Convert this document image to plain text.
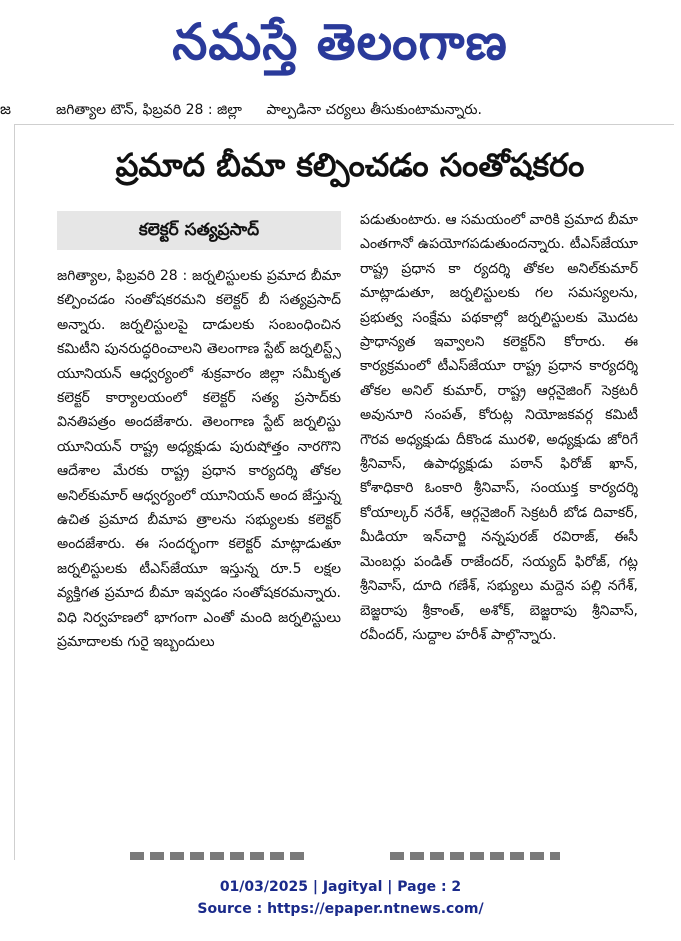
నమస్తే తెలంగాణ
జ	జగిత్యాల టౌన్, ఫిబ్రవరి 28 : జిల్లా పాల్పడినా చర్యలు తీసుకుంటామన్నారు.
ప్రమాద బీమా కల్పించడం సంతోషకరం
కలెక్టర్ సత్యప్రసాద్

జగిత్యాల, ఫిబ్రవరి 28 : జర్నలిస్టులకు ప్రమాద బీమా కల్పించడం సంతోషకరమని కలెక్టర్ బీ సత్యప్రసాద్ అన్నారు. జర్నలిస్టులపై దాడులకు సంబంధించిన కమిటీని పునరుద్ధరించాలని తెలంగాణ స్టేట్ జర్నలిస్ట్స్ యూనియన్ ఆధ్వర్యంలో శుక్రవారం జిల్లా సమీకృత కలెక్టర్ కార్యాలయంలో కలెక్టర్ సత్య ప్రసాద్‌కు వినతిపత్రం అందజేశారు. తెలంగాణ స్టేట్ జర్నలిస్టు యూనియన్ రాష్ట్ర అధ్యక్షుడు పురుషోత్తం నారగొని ఆదేశాల మేరకు రాష్ట్ర ప్రధాన కార్యదర్శి తోకల అనిల్‌కుమార్ ఆధ్వర్యంలో యూనియన్ అంద జేస్తున్న ఉచిత ప్రమాద బీమాప త్రాలను సభ్యులకు కలెక్టర్ అందజేశారు. ఈ సందర్భంగా కలెక్టర్ మాట్లాడుతూ జర్నలిస్టులకు టీఎస్‌జేయూ ఇస్తున్న రూ.5 లక్షల వ్యక్తిగత ప్రమాద బీమా ఇవ్వడం సంతోషకరమన్నారు. విధి నిర్వహణలో భాగంగా ఎంతో మంది జర్నలిస్టులు ప్రమాదాలకు గురై ఇబ్బందులు

పడుతుంటారు. ఆ సమయంలో వారికి ప్రమాద బీమా ఎంతగానో ఉపయోగపడుతుందన్నారు. టీఎస్‌జేయూ రాష్ట్ర ప్రధాన కా ర్యదర్శి తోకల అనిల్‌కుమార్ మాట్లాడుతూ, జర్నలిస్టులకు గల సమస్యలను, ప్రభుత్వ సంక్షేమ పథకాల్లో జర్నలిస్టులకు మొదట ప్రాధాన్యత ఇవ్వాలని కలెక్టర్‌ని కోరారు. ఈ కార్యక్రమంలో టీఎస్‌జేయూ రాష్ట్ర ప్రధాన కార్యదర్శి తోకల అనిల్ కుమార్, రాష్ట్ర ఆర్గనైజింగ్ సెక్రటరీ అవునూరి సంపత్, కోరుట్ల నియోజకవర్గ కమిటీ గౌరవ అధ్యక్షుడు దీకొండ మురళి, అధ్యక్షుడు జోరిగే శ్రీనివాస్, ఉపాధ్యక్షుడు పఠాన్ ఫిరోజ్ ఖాన్, కోశాధికారి ఓంకారి శ్రీనివాస్, సంయుక్త కార్యదర్శి కోయాల్కర్ నరేశ్, ఆర్గనైజింగ్ సెక్రటరీ బోడ దివాకర్, మీడియా ఇన్‌చార్జి నన్నపురజ్ రవిరాజ్, ఈసీ మెంబర్లు పండిత్ రాజేందర్, సయ్యద్ ఫిరోజ్, గట్ల శ్రీనివాస్, దూది గణేశ్, సభ్యులు మద్దెన పల్లి నగేశ్, బెజ్జరాపు శ్రీకాంత్, అశోక్, బెజ్జరాపు శ్రీనివాస్, రవీందర్, సుద్దాల హరీశ్ పాల్గొన్నారు.

01/03/2025 | Jagityal | Page : 2
Source : https://epaper.ntnews.com/
